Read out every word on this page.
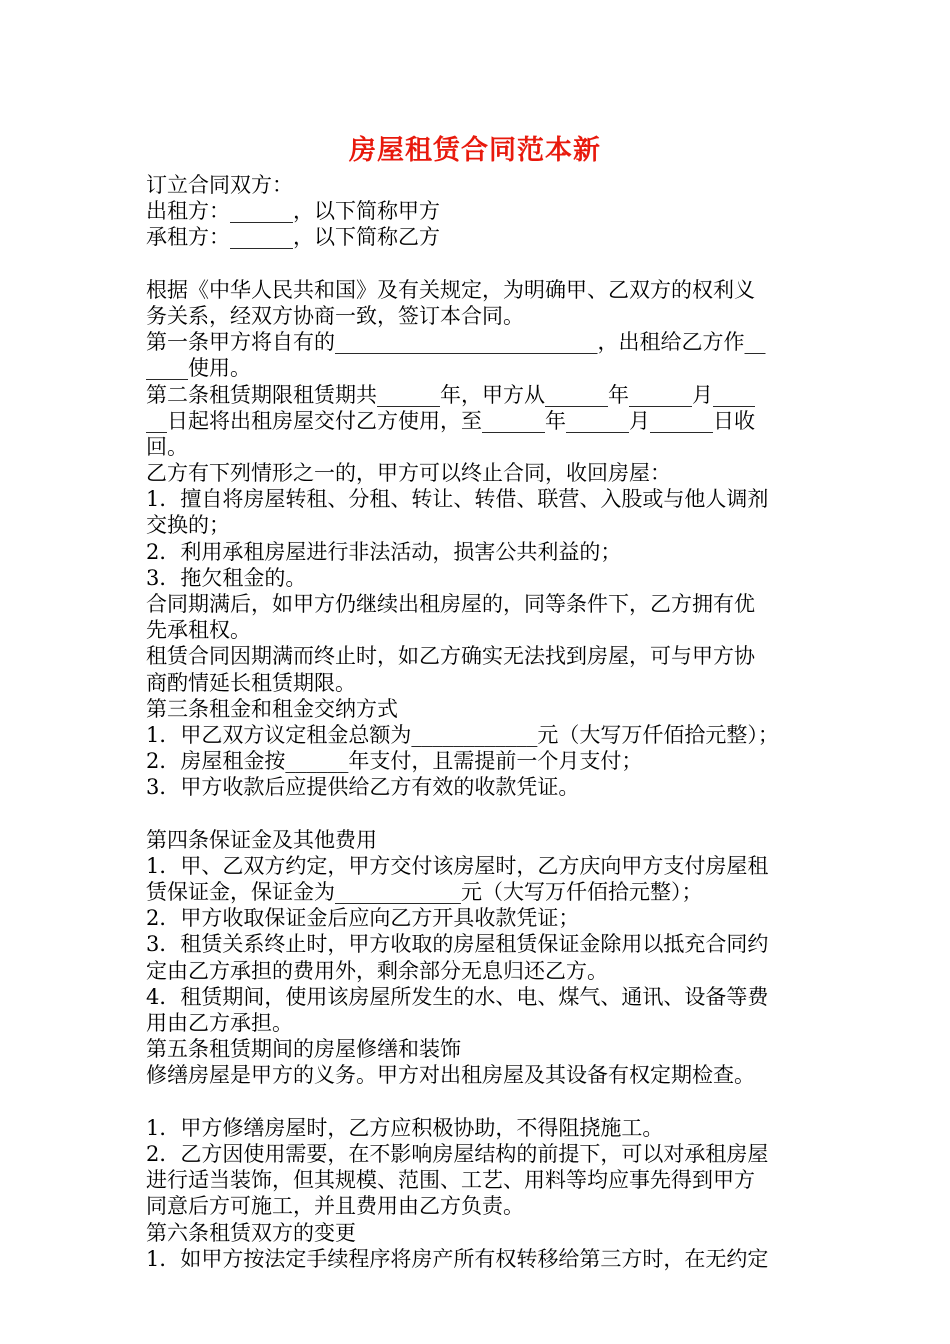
房屋租赁合同范本新
订立合同双方：
出租方：______，以下简称甲方
承租方：______，以下简称乙方
根据《中华人民共和国》及有关规定，为明确甲、乙双方的权利义
务关系，经双方协商一致，签订本合同。
第一条甲方将自有的_________________________，出租给乙方作__
____使用。
第二条租赁期限租赁期共______年，甲方从______年______月____
__日起将出租房屋交付乙方使用，至______年______月______日收
回。
乙方有下列情形之一的，甲方可以终止合同，收回房屋：
1．擅自将房屋转租、分租、转让、转借、联营、入股或与他人调剂
交换的；
2．利用承租房屋进行非法活动，损害公共利益的；
3．拖欠租金的。
合同期满后，如甲方仍继续出租房屋的，同等条件下，乙方拥有优
先承租权。
租赁合同因期满而终止时，如乙方确实无法找到房屋，可与甲方协
商酌情延长租赁期限。
第三条租金和租金交纳方式
1．甲乙双方议定租金总额为____________元（大写万仟佰拾元整）；
2．房屋租金按______年支付，且需提前一个月支付；
3．甲方收款后应提供给乙方有效的收款凭证。
第四条保证金及其他费用
1．甲、乙双方约定，甲方交付该房屋时，乙方庆向甲方支付房屋租
赁保证金，保证金为____________元（大写万仟佰拾元整）；
2．甲方收取保证金后应向乙方开具收款凭证；
3．租赁关系终止时，甲方收取的房屋租赁保证金除用以抵充合同约
定由乙方承担的费用外，剩余部分无息归还乙方。
4．租赁期间，使用该房屋所发生的水、电、煤气、通讯、设备等费
用由乙方承担。
第五条租赁期间的房屋修缮和装饰
修缮房屋是甲方的义务。甲方对出租房屋及其设备有权定期检查。
1．甲方修缮房屋时，乙方应积极协助，不得阻挠施工。
2．乙方因使用需要，在不影响房屋结构的前提下，可以对承租房屋
进行适当装饰，但其规模、范围、工艺、用料等均应事先得到甲方
同意后方可施工，并且费用由乙方负责。
第六条租赁双方的变更
1．如甲方按法定手续程序将房产所有权转移给第三方时，在无约定
